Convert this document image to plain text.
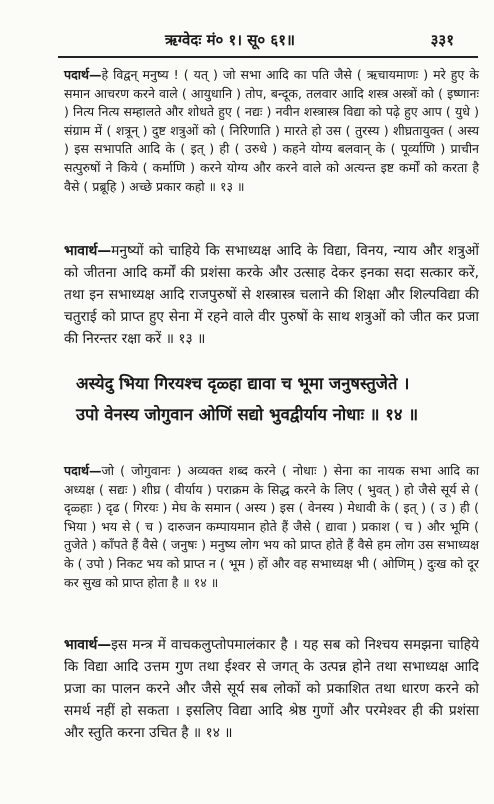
ऋग्वेदः मं० १। सू० ६१॥	३३१
पदार्थ—हे विद्वन् मनुष्य ! ( यत् ) जो सभा आदि का पति जैसे ( ऋचायमाणः ) मरे हुए के समान आचरण करने वाले ( आयुधानि ) तोप, बन्दूक, तलवार आदि शस्त्र अस्त्रों को ( इष्णानः ) नित्य नित्य सम्हालते और शोधते हुए ( नद्यः ) नवीन शस्त्रास्त्र विद्या को पढ़े हुए आप ( युधे ) संग्राम में ( शत्रून् ) दुष्ट शत्रुओं को ( निरिणाति ) मारते हो उस ( तुरस्य ) शीघ्रतायुक्त ( अस्य ) इस सभापति आदि के ( इत् ) ही ( उरुधे ) कहने योग्य बलवान् के ( पूर्व्याणि ) प्राचीन सत्पुरुषों ने किये ( कर्माणि ) करने योग्य और करने वाले को अत्यन्त इष्ट कर्मों को करता है वैसे ( प्रब्रूहि ) अच्छे प्रकार कहो ॥ १३ ॥
भावार्थ—मनुष्यों को चाहिये कि सभाध्यक्ष आदि के विद्या, विनय, न्याय और शत्रुओं को जीतना आदि कर्मों की प्रशंसा करके और उत्साह देकर इनका सदा सत्कार करें, तथा इन सभाध्यक्ष आदि राजपुरुषों से शस्त्रास्त्र चलाने की शिक्षा और शिल्पविद्या की चतुराई को प्राप्त हुए सेना में रहने वाले वीर पुरुषों के साथ शत्रुओं को जीत कर प्रजा की निरन्तर रक्षा करें ॥ १३ ॥
अस्येदु भिया गिरयश्च दृळ्हा द्यावा च भूमा जनुषस्तुजेते ।
उपो वेनस्य जोगुवान ओणिं सद्यो भुवद्वीर्याय नोधाः ॥ १४ ॥
पदार्थ—जो ( जोगुवानः ) अव्यक्त शब्द करने ( नोधाः ) सेना का नायक सभा आदि का अध्यक्ष ( सद्यः ) शीघ्र ( वीर्याय ) पराक्रम के सिद्ध करने के लिए ( भुवत् ) हो जैसे सूर्य से ( दृळ्हाः ) दृढ ( गिरयः ) मेघ के समान ( अस्य ) इस ( वेनस्य ) मेधावी के ( इत् ) ( उ ) ही ( भिया ) भय से ( च ) दारुजन कम्पायमान होते हैं जैसे ( द्यावा ) प्रकाश ( च ) और भूमि ( तुजेते ) काँपते हैं वैसे ( जनुषः ) मनुष्य लोग भय को प्राप्त होते हैं वैसे हम लोग उस सभाध्यक्ष के ( उपो ) निकट भय को प्राप्त न ( भूम ) हों और वह सभाध्यक्ष भी ( ओणिम् ) दुःख को दूर कर सुख को प्राप्त होता है ॥ १४ ॥
भावार्थ—इस मन्त्र में वाचकलुप्तोपमालंकार है । यह सब को निश्चय समझना चाहिये कि विद्या आदि उत्तम गुण तथा ईश्वर से जगत् के उत्पन्न होने तथा सभाध्यक्ष आदि प्रजा का पालन करने और जैसे सूर्य सब लोकों को प्रकाशित तथा धारण करने को समर्थ नहीं हो सकता । इसलिए विद्या आदि श्रेष्ठ गुणों और परमेश्वर ही की प्रशंसा और स्तुति करना उचित है ॥ १४ ॥
